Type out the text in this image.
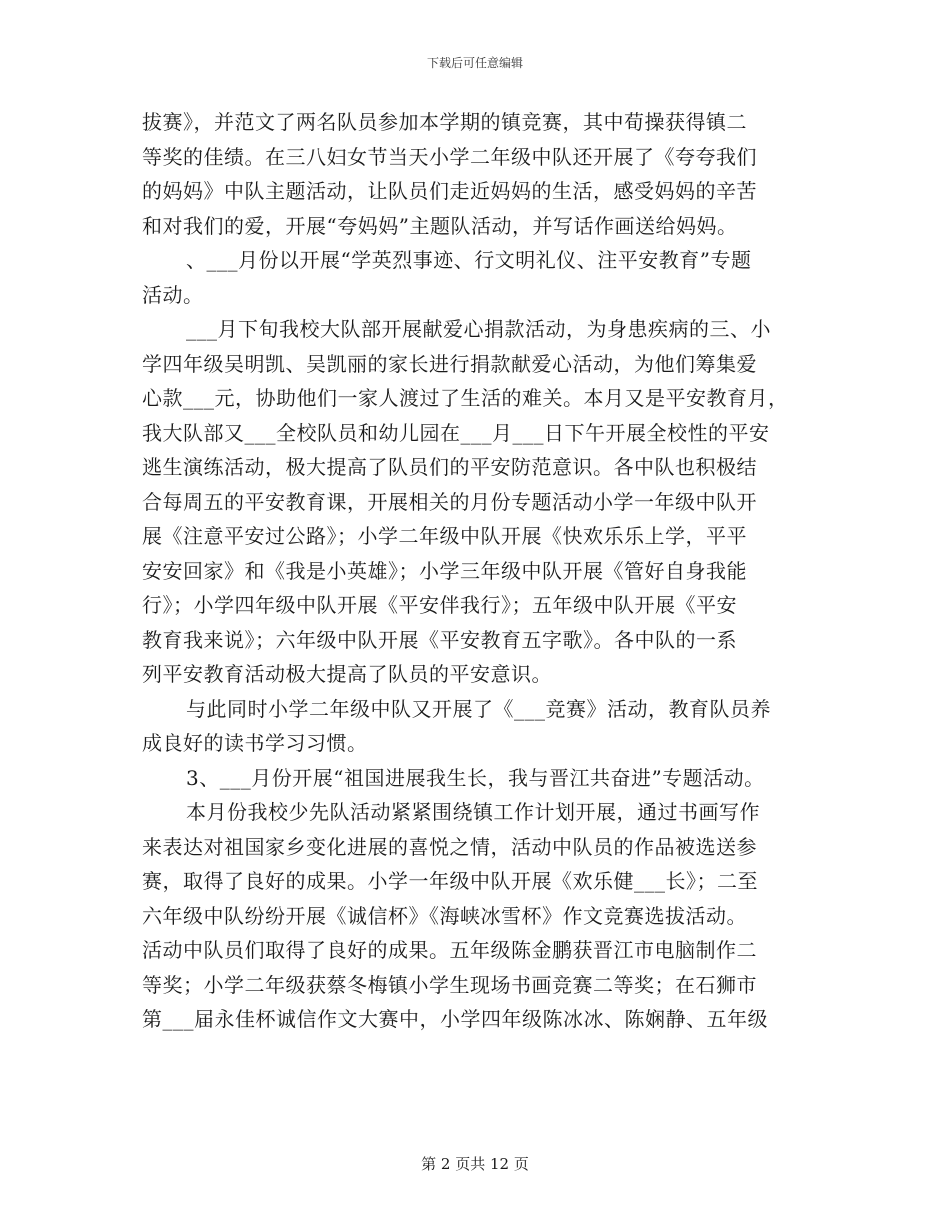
下载后可任意编辑
拔赛》，并范文了两名队员参加本学期的镇竞赛，其中荀操获得镇二
等奖的佳绩。在三八妇女节当天小学二年级中队还开展了《夸夸我们
的妈妈》中队主题活动，让队员们走近妈妈的生活，感受妈妈的辛苦
和对我们的爱，开展“夸妈妈”主题队活动，并写话作画送给妈妈。
、___月份以开展“学英烈事迹、行文明礼仪、注平安教育”专题
活动。
___月下旬我校大队部开展献爱心捐款活动，为身患疾病的三、小
学四年级吴明凯、吴凯丽的家长进行捐款献爱心活动，为他们筹集爱
心款___元，协助他们一家人渡过了生活的难关。本月又是平安教育月，
我大队部又___全校队员和幼儿园在___月___日下午开展全校性的平安
逃生演练活动，极大提高了队员们的平安防范意识。各中队也积极结
合每周五的平安教育课，开展相关的月份专题活动小学一年级中队开
展《注意平安过公路》；小学二年级中队开展《快欢乐乐上学，平平
安安回家》和《我是小英雄》；小学三年级中队开展《管好自身我能
行》；小学四年级中队开展《平安伴我行》；五年级中队开展《平安
教育我来说》；六年级中队开展《平安教育五字歌》。各中队的一系
列平安教育活动极大提高了队员的平安意识。
与此同时小学二年级中队又开展了《___竞赛》活动，教育队员养
成良好的读书学习习惯。
3、___月份开展“祖国进展我生长，我与晋江共奋进”专题活动。
本月份我校少先队活动紧紧围绕镇工作计划开展，通过书画写作
来表达对祖国家乡变化进展的喜悦之情，活动中队员的作品被选送参
赛，取得了良好的成果。小学一年级中队开展《欢乐健___长》；二至
六年级中队纷纷开展《诚信杯》《海峡冰雪杯》作文竞赛选拔活动。
活动中队员们取得了良好的成果。五年级陈金鹏获晋江市电脑制作二
等奖；小学二年级获蔡冬梅镇小学生现场书画竞赛二等奖；在石狮市
第___届永佳杯诚信作文大赛中，小学四年级陈冰冰、陈娴静、五年级
第 2 页共 12 页
